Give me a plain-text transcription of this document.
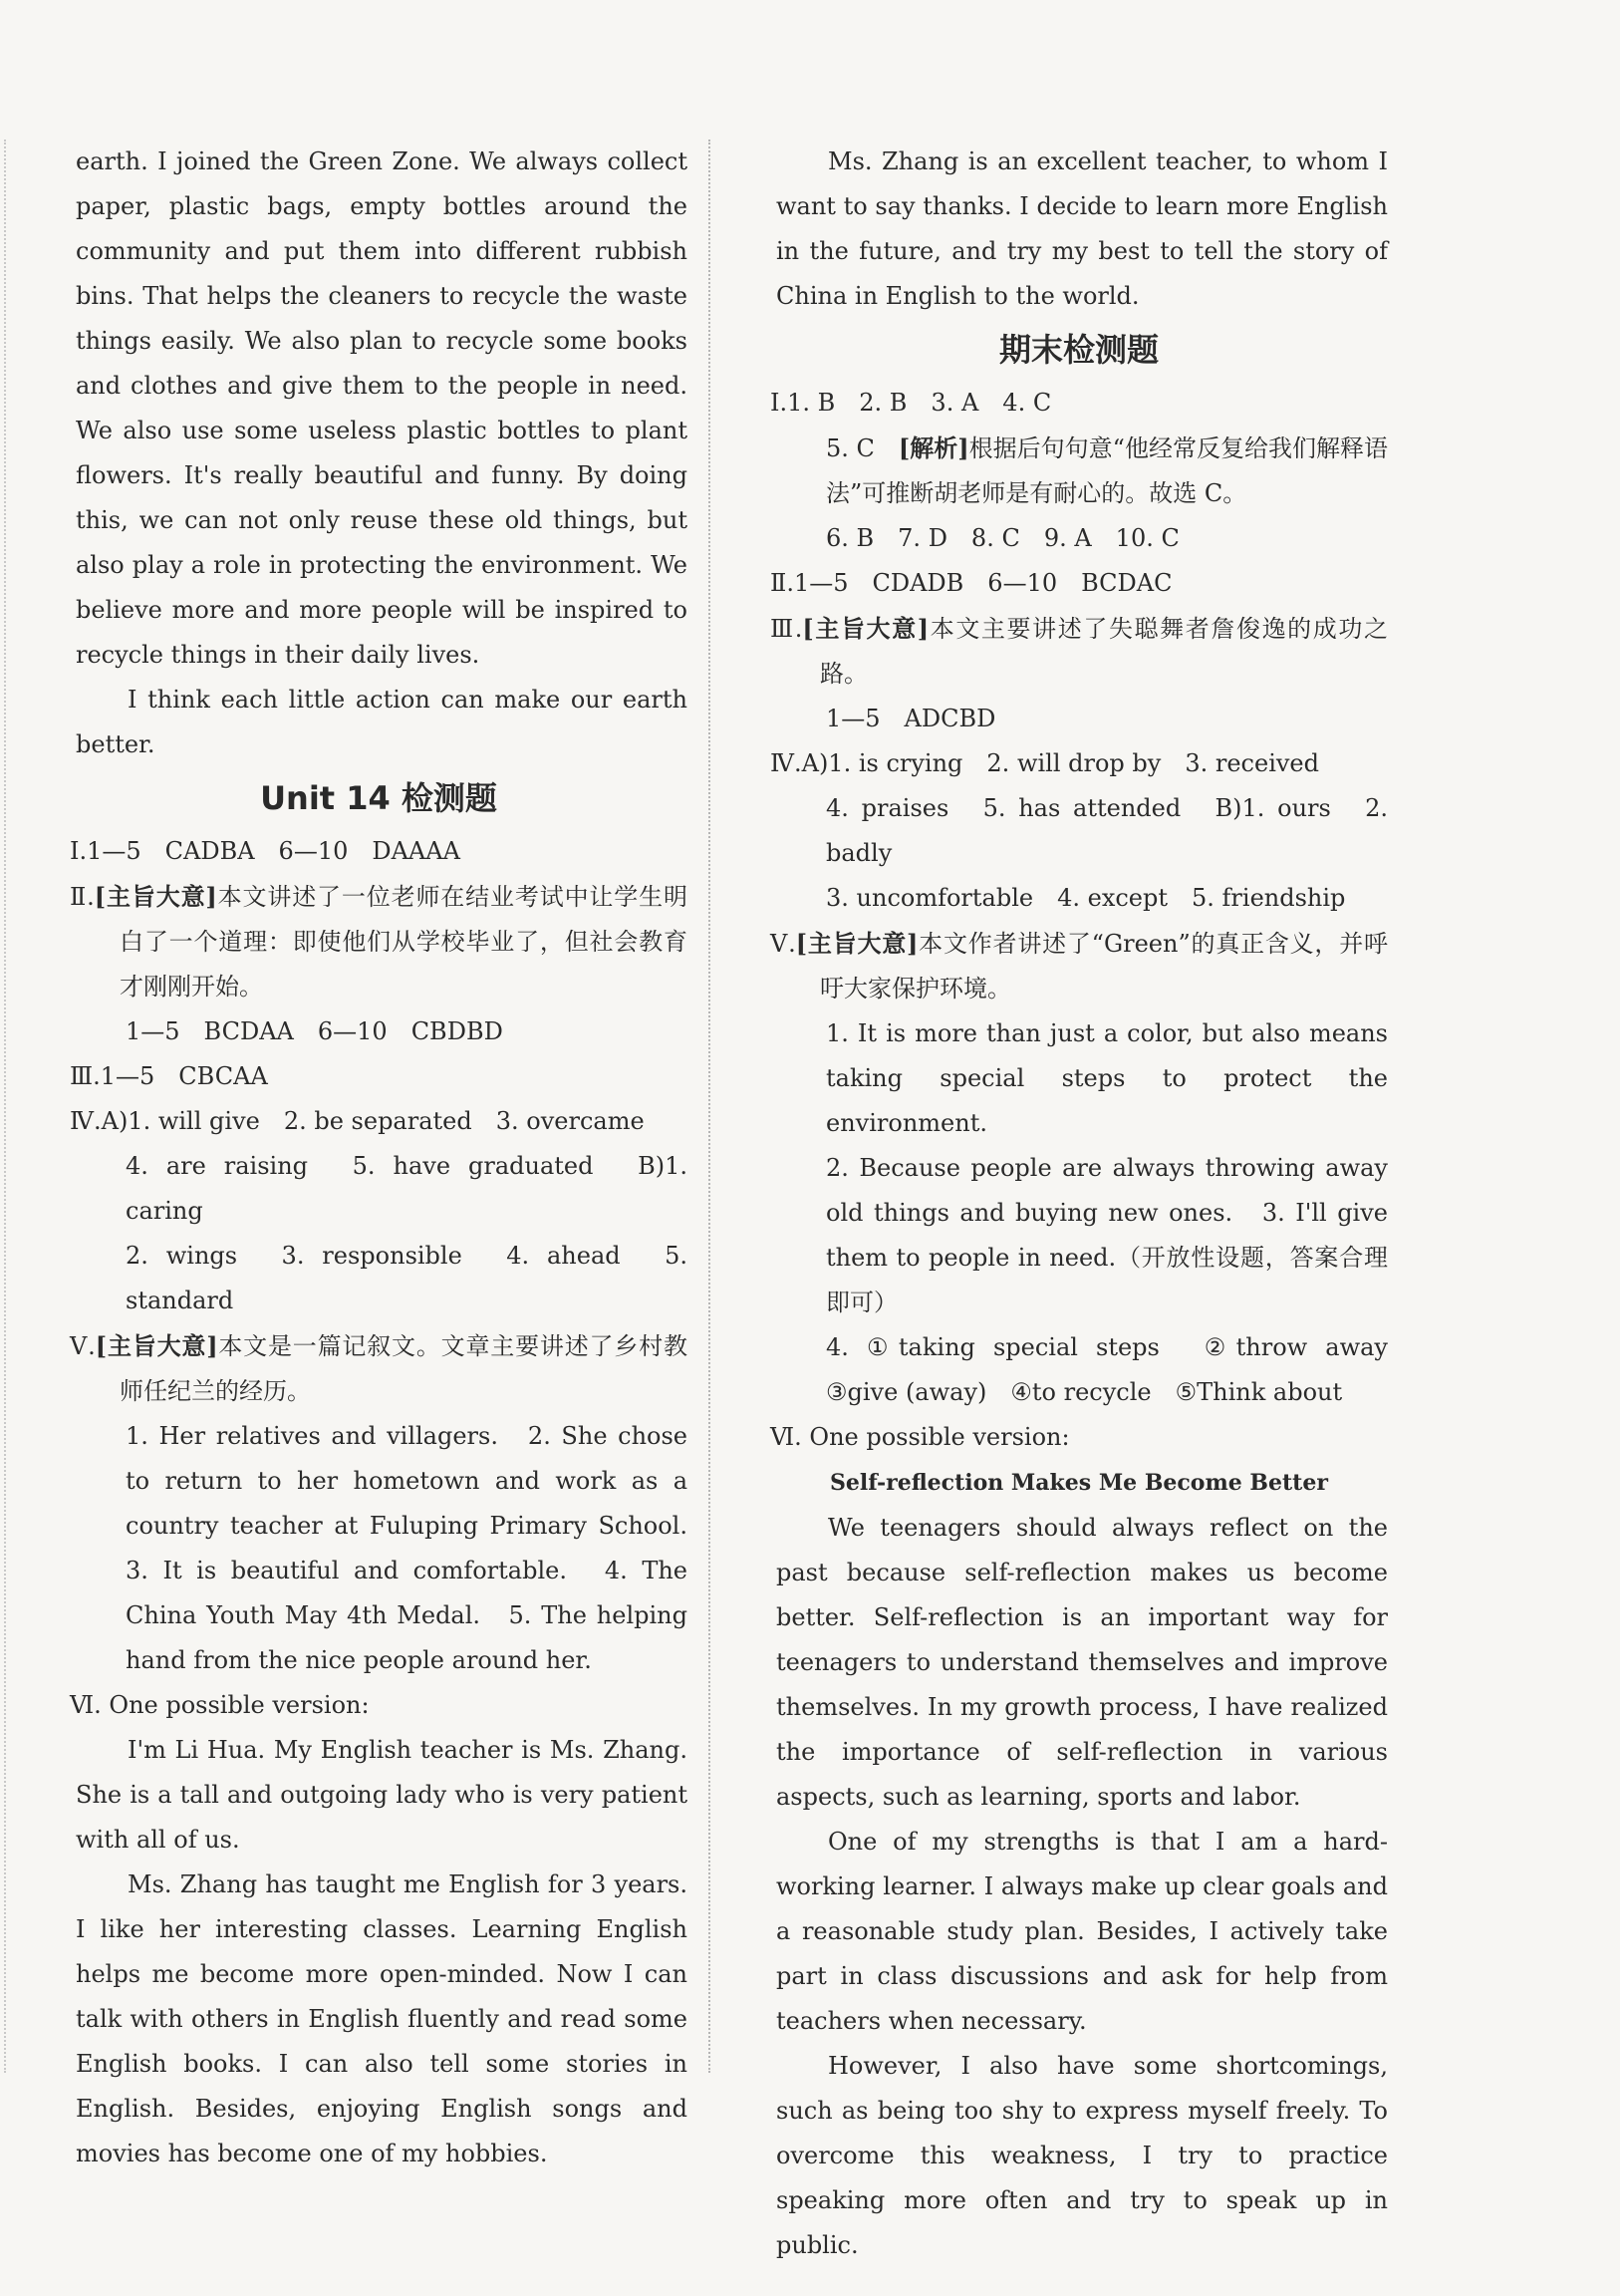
earth. I joined the Green Zone. We always collect paper, plastic bags, empty bottles around the community and put them into different rubbish bins. That helps the cleaners to recycle the waste things easily. We also plan to recycle some books and clothes and give them to the people in need. We also use some useless plastic bottles to plant flowers. It's really beautiful and funny. By doing this, we can not only reuse these old things, but also play a role in protecting the environment. We believe more and more people will be inspired to recycle things in their daily lives.

I think each little action can make our earth better.

Unit 14 检测题

Ⅰ.1—5　CADBA　6—10　DAAAA

Ⅱ.[主旨大意]本文讲述了一位老师在结业考试中让学生明白了一个道理：即使他们从学校毕业了，但社会教育才刚刚开始。

1—5　BCDAA　6—10　CBDBD

Ⅲ.1—5　CBCAA

Ⅳ.A)1. will give　2. be separated　3. overcame

4. are raising　5. have graduated　B)1. caring

2. wings　3. responsible　4. ahead　5. standard

Ⅴ.[主旨大意]本文是一篇记叙文。文章主要讲述了乡村教师任纪兰的经历。

1. Her relatives and villagers.　2. She chose to return to her hometown and work as a country teacher at Fuluping Primary School.　3. It is beautiful and comfortable.　4. The China Youth May 4th Medal.　5. The helping hand from the nice people around her.

Ⅵ. One possible version:

I'm Li Hua. My English teacher is Ms. Zhang. She is a tall and outgoing lady who is very patient with all of us.

Ms. Zhang has taught me English for 3 years. I like her interesting classes. Learning English helps me become more open-minded. Now I can talk with others in English fluently and read some English books. I can also tell some stories in English. Besides, enjoying English songs and movies has become one of my hobbies.

Ms. Zhang is an excellent teacher, to whom I want to say thanks. I decide to learn more English in the future, and try my best to tell the story of China in English to the world.

期末检测题

Ⅰ.1. B　2. B　3. A　4. C

5. C　[解析]根据后句句意“他经常反复给我们解释语法”可推断胡老师是有耐心的。故选 C。

6. B　7. D　8. C　9. A　10. C

Ⅱ.1—5　CDADB　6—10　BCDAC

Ⅲ.[主旨大意]本文主要讲述了失聪舞者詹俊逸的成功之路。

1—5　ADCBD

Ⅳ.A)1. is crying　2. will drop by　3. received

4. praises　5. has attended　B)1. ours　2. badly

3. uncomfortable　4. except　5. friendship

Ⅴ.[主旨大意]本文作者讲述了“Green”的真正含义，并呼吁大家保护环境。

1. It is more than just a color, but also means taking special steps to protect the environment.

2. Because people are always throwing away old things and buying new ones.　3. I'll give them to people in need.（开放性设题，答案合理即可）

4. ①taking special steps　②throw away　③give (away)　④to recycle　⑤Think about

Ⅵ. One possible version:

Self-reflection Makes Me Become Better

We teenagers should always reflect on the past because self-reflection makes us become better. Self-reflection is an important way for teenagers to understand themselves and improve themselves. In my growth process, I have realized the importance of self-reflection in various aspects, such as learning, sports and labor.

One of my strengths is that I am a hard-working learner. I always make up clear goals and a reasonable study plan. Besides, I actively take part in class discussions and ask for help from teachers when necessary.

However, I also have some shortcomings, such as being too shy to express myself freely. To overcome this weakness, I try to practice speaking more often and try to speak up in public.
